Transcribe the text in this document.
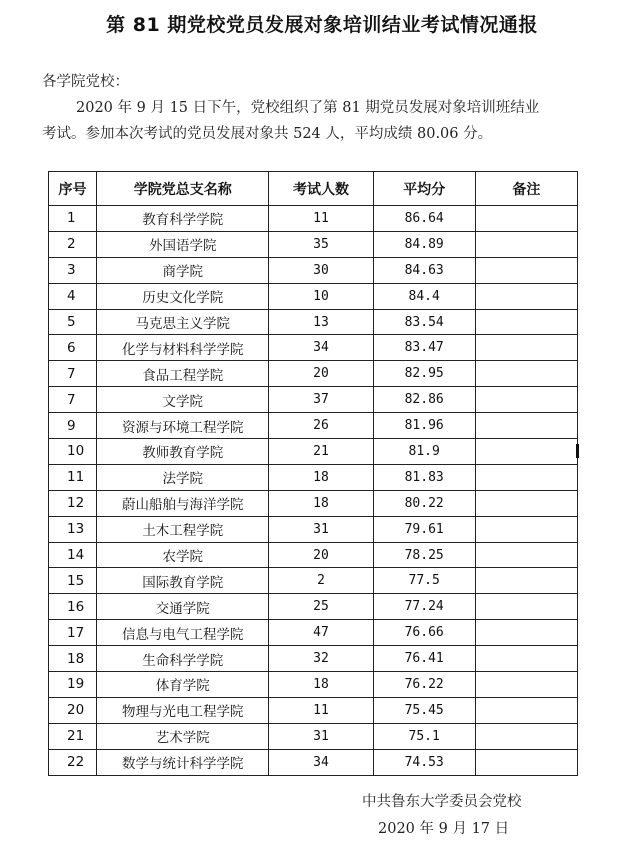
第 81 期党校党员发展对象培训结业考试情况通报
各学院党校：
2020 年 9 月 15 日下午，党校组织了第 81 期党员发展对象培训班结业
考试。参加本次考试的党员发展对象共 524 人，平均成绩 80.06 分。
序号	学院党总支名称	考试人数	平均分	备注
1	教育科学学院	11	86.64	
2	外国语学院	35	84.89	
3	商学院	30	84.63	
4	历史文化学院	10	84.4	
5	马克思主义学院	13	83.54	
6	化学与材料科学学院	34	83.47	
7	食品工程学院	20	82.95	
7	文学院	37	82.86	
9	资源与环境工程学院	26	81.96	
10	教师教育学院	21	81.9	
11	法学院	18	81.83	
12	蔚山船舶与海洋学院	18	80.22	
13	土木工程学院	31	79.61	
14	农学院	20	78.25	
15	国际教育学院	2	77.5	
16	交通学院	25	77.24	
17	信息与电气工程学院	47	76.66	
18	生命科学学院	32	76.41	
19	体育学院	18	76.22	
20	物理与光电工程学院	11	75.45	
21	艺术学院	31	75.1	
22	数学与统计科学学院	34	74.53	
中共鲁东大学委员会党校
2020 年 9 月 17 日
